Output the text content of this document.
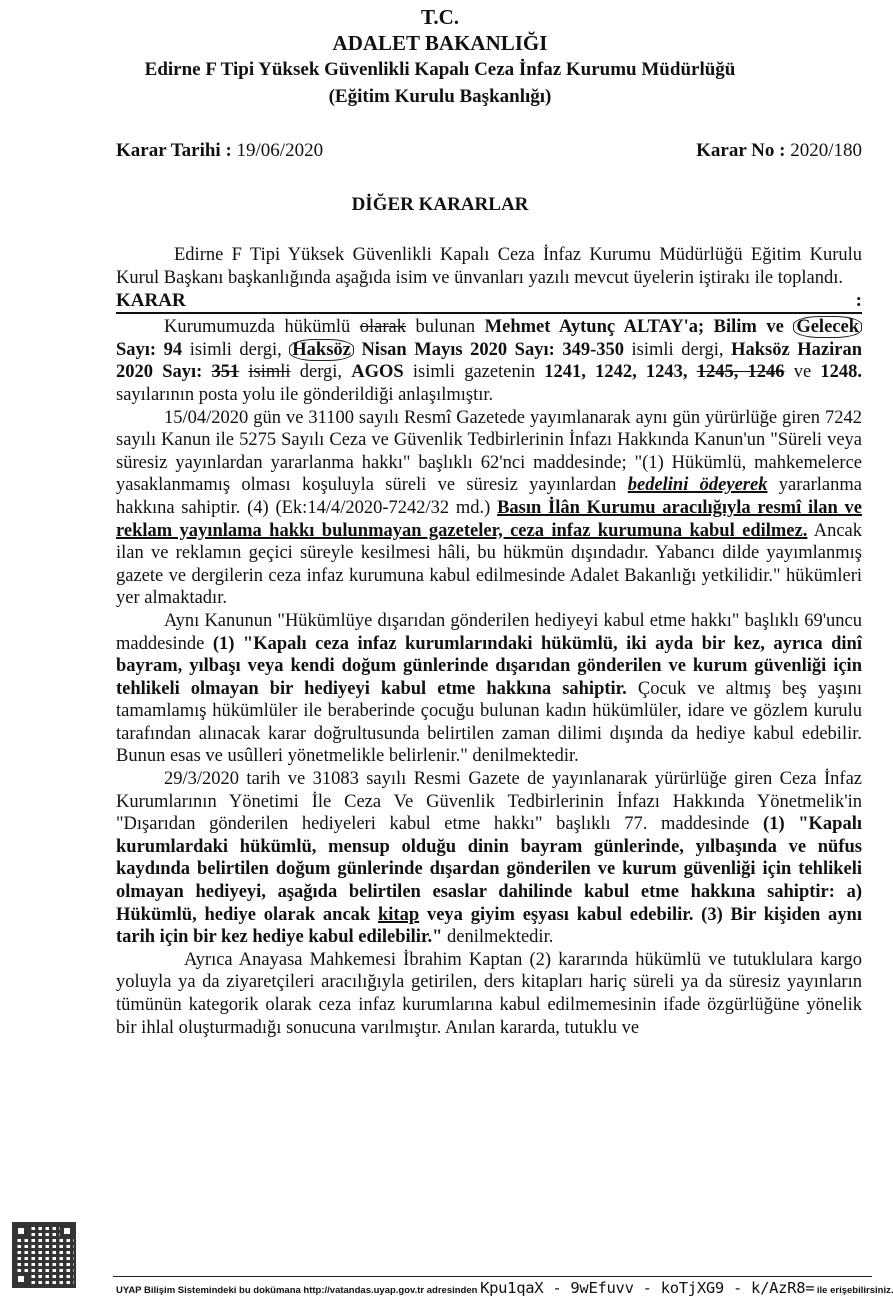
T.C.
ADALET BAKANLIĞI
Edirne F Tipi Yüksek Güvenlikli Kapalı Ceza İnfaz Kurumu Müdürlüğü
(Eğitim Kurulu Başkanlığı)
Karar Tarihi : 19/06/2020	Karar No : 2020/180
DİĞER KARARLAR

Edirne F Tipi Yüksek Güvenlikli Kapalı Ceza İnfaz Kurumu Müdürlüğü Eğitim Kurulu Kurul Başkanı başkanlığında aşağıda isim ve ünvanları yazılı mevcut üyelerin iştirakı ile toplandı.

KARAR	:

Kurumumuzda hükümlü olarak bulunan Mehmet Aytunç ALTAY'a; Bilim ve Gelecek Sayı: 94 isimli dergi, Haksöz Nisan Mayıs 2020 Sayı: 349-350 isimli dergi, Haksöz Haziran 2020 Sayı: 351 isimli dergi, AGOS isimli gazetenin 1241, 1242, 1243, 1245, 1246 ve 1248. sayılarının posta yolu ile gönderildiği anlaşılmıştır.

15/04/2020 gün ve 31100 sayılı Resmî Gazetede yayımlanarak aynı gün yürürlüğe giren 7242 sayılı Kanun ile 5275 Sayılı Ceza ve Güvenlik Tedbirlerinin İnfazı Hakkında Kanun'un "Süreli veya süresiz yayınlardan yararlanma hakkı" başlıklı 62'nci maddesinde; "(1) Hükümlü, mahkemelerce yasaklanmamış olması koşuluyla süreli ve süresiz yayınlardan bedelini ödeyerek yararlanma hakkına sahiptir. (4) (Ek:14/4/2020-7242/32 md.) Basın İlân Kurumu aracılığıyla resmî ilan ve reklam yayınlama hakkı bulunmayan gazeteler, ceza infaz kurumuna kabul edilmez. Ancak ilan ve reklamın geçici süreyle kesilmesi hâli, bu hükmün dışındadır. Yabancı dilde yayımlanmış gazete ve dergilerin ceza infaz kurumuna kabul edilmesinde Adalet Bakanlığı yetkilidir." hükümleri yer almaktadır.

Aynı Kanunun "Hükümlüye dışarıdan gönderilen hediyeyi kabul etme hakkı" başlıklı 69'uncu maddesinde (1) "Kapalı ceza infaz kurumlarındaki hükümlü, iki ayda bir kez, ayrıca dinî bayram, yılbaşı veya kendi doğum günlerinde dışarıdan gönderilen ve kurum güvenliği için tehlikeli olmayan bir hediyeyi kabul etme hakkına sahiptir. Çocuk ve altmış beş yaşını tamamlamış hükümlüler ile beraberinde çocuğu bulunan kadın hükümlüler, idare ve gözlem kurulu tarafından alınacak karar doğrultusunda belirtilen zaman dilimi dışında da hediye kabul edebilir. Bunun esas ve usûlleri yönetmelikle belirlenir." denilmektedir.

29/3/2020 tarih ve 31083 sayılı Resmi Gazete de yayınlanarak yürürlüğe giren Ceza İnfaz Kurumlarının Yönetimi İle Ceza Ve Güvenlik Tedbirlerinin İnfazı Hakkında Yönetmelik'in "Dışarıdan gönderilen hediyeleri kabul etme hakkı" başlıklı 77. maddesinde (1) "Kapalı kurumlardaki hükümlü, mensup olduğu dinin bayram günlerinde, yılbaşında ve nüfus kaydında belirtilen doğum günlerinde dışardan gönderilen ve kurum güvenliği için tehlikeli olmayan hediyeyi, aşağıda belirtilen esaslar dahilinde kabul etme hakkına sahiptir: a) Hükümlü, hediye olarak ancak kitap veya giyim eşyası kabul edebilir. (3) Bir kişiden aynı tarih için bir kez hediye kabul edilebilir." denilmektedir.

Ayrıca Anayasa Mahkemesi İbrahim Kaptan (2) kararında hükümlü ve tutuklulara kargo yoluyla ya da ziyaretçileri aracılığıyla getirilen, ders kitapları hariç süreli ya da süresiz yayınların tümünün kategorik olarak ceza infaz kurumlarına kabul edilmemesinin ifade özgürlüğüne yönelik bir ihlal oluşturmadığı sonucuna varılmıştır. Anılan kararda, tutuklu ve

UYAP Bilişim Sistemindeki bu dokümana http://vatandas.uyap.gov.tr adresinden Kpu1qaX - 9wEfuvv - koTjXG9 - k/AzR8= ile erişebilirsiniz.
